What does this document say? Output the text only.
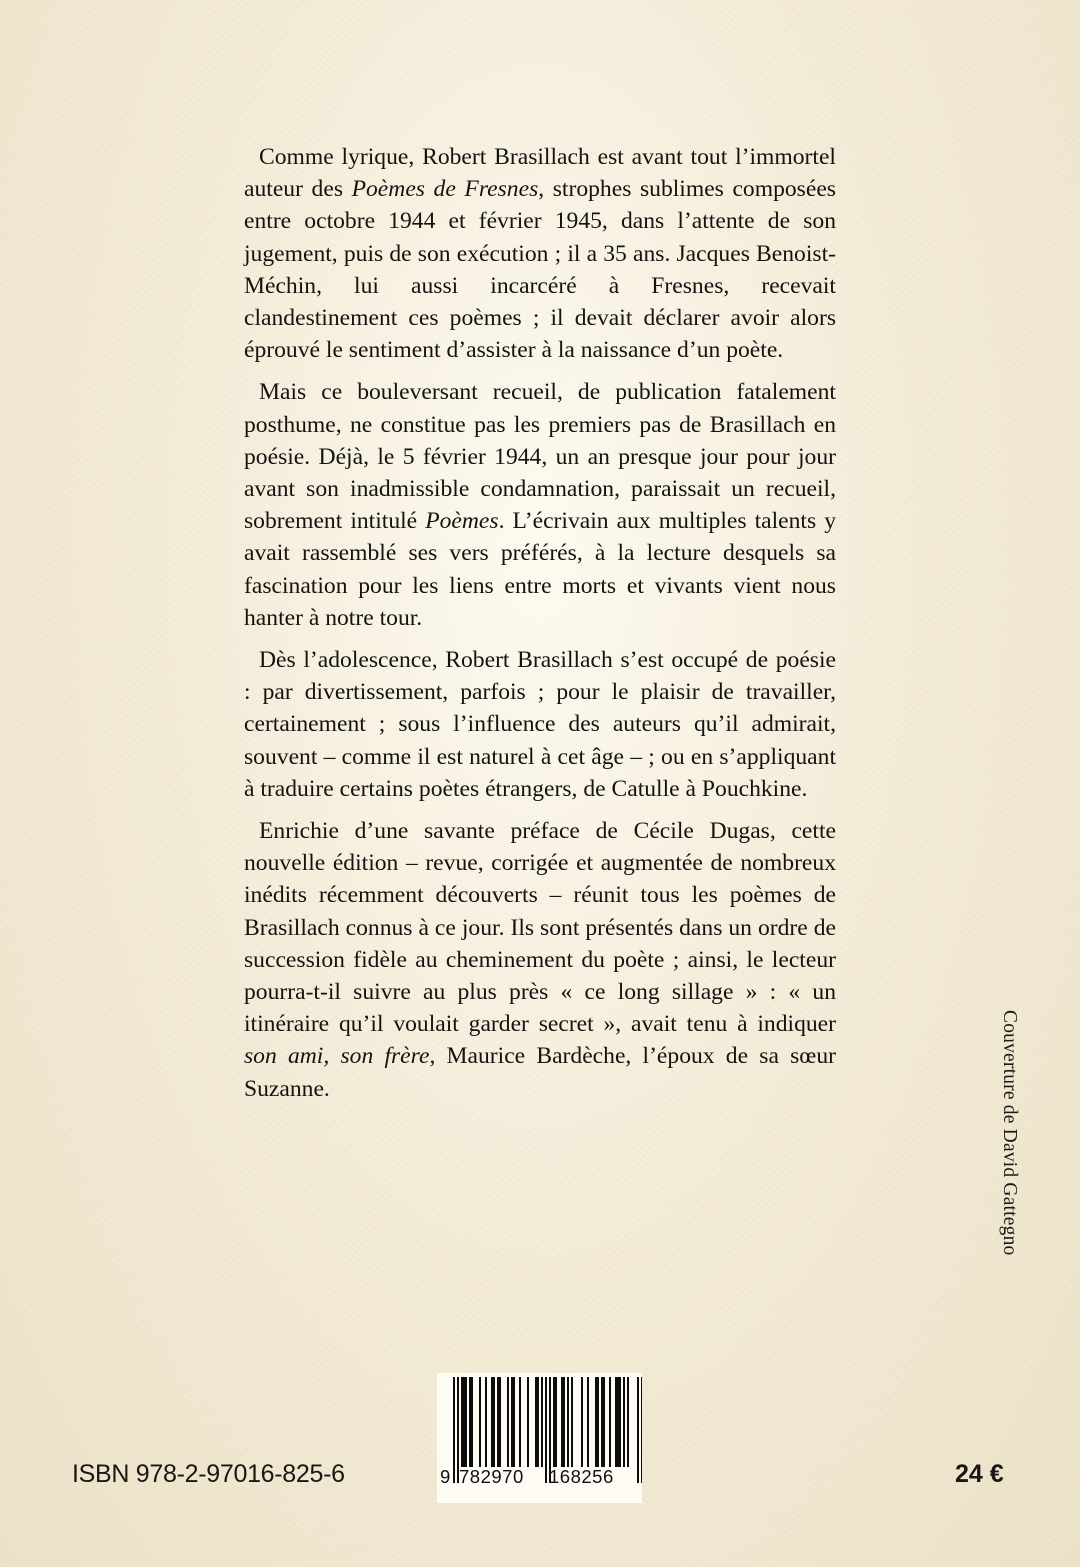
Comme lyrique, Robert Brasillach est avant tout l’immortel auteur des Poèmes de Fresnes, strophes sublimes composées entre octobre 1944 et février 1945, dans l’attente de son jugement, puis de son exécution ; il a 35 ans. Jacques Benoist-Méchin, lui aussi incarcéré à Fresnes, recevait clandestinement ces poèmes ; il devait déclarer avoir alors éprouvé le sentiment d’assister à la naissance d’un poète.

Mais ce bouleversant recueil, de publication fatalement posthume, ne constitue pas les premiers pas de Brasillach en poésie. Déjà, le 5 février 1944, un an presque jour pour jour avant son inadmissible condamnation, paraissait un recueil, sobrement intitulé Poèmes. L’écrivain aux multiples talents y avait rassemblé ses vers préférés, à la lecture desquels sa fascination pour les liens entre morts et vivants vient nous hanter à notre tour.

Dès l’adolescence, Robert Brasillach s’est occupé de poésie : par divertissement, parfois ; pour le plaisir de travailler, certainement ; sous l’influence des auteurs qu’il admirait, souvent – comme il est naturel à cet âge – ; ou en s’appliquant à traduire certains poètes étrangers, de Catulle à Pouchkine.

Enrichie d’une savante préface de Cécile Dugas, cette nouvelle édition – revue, corrigée et augmentée de nombreux inédits récemment découverts – réunit tous les poèmes de Brasillach connus à ce jour. Ils sont présentés dans un ordre de succession fidèle au cheminement du poète ; ainsi, le lecteur pourra-t-il suivre au plus près « ce long sillage » : « un itinéraire qu’il voulait garder secret », avait tenu à indiquer son ami, son frère, Maurice Bardèche, l’époux de sa sœur Suzanne.	Couverture de David Gattegno
ISBN 978-2-97016-825-6	9 782970 168256	24 €
